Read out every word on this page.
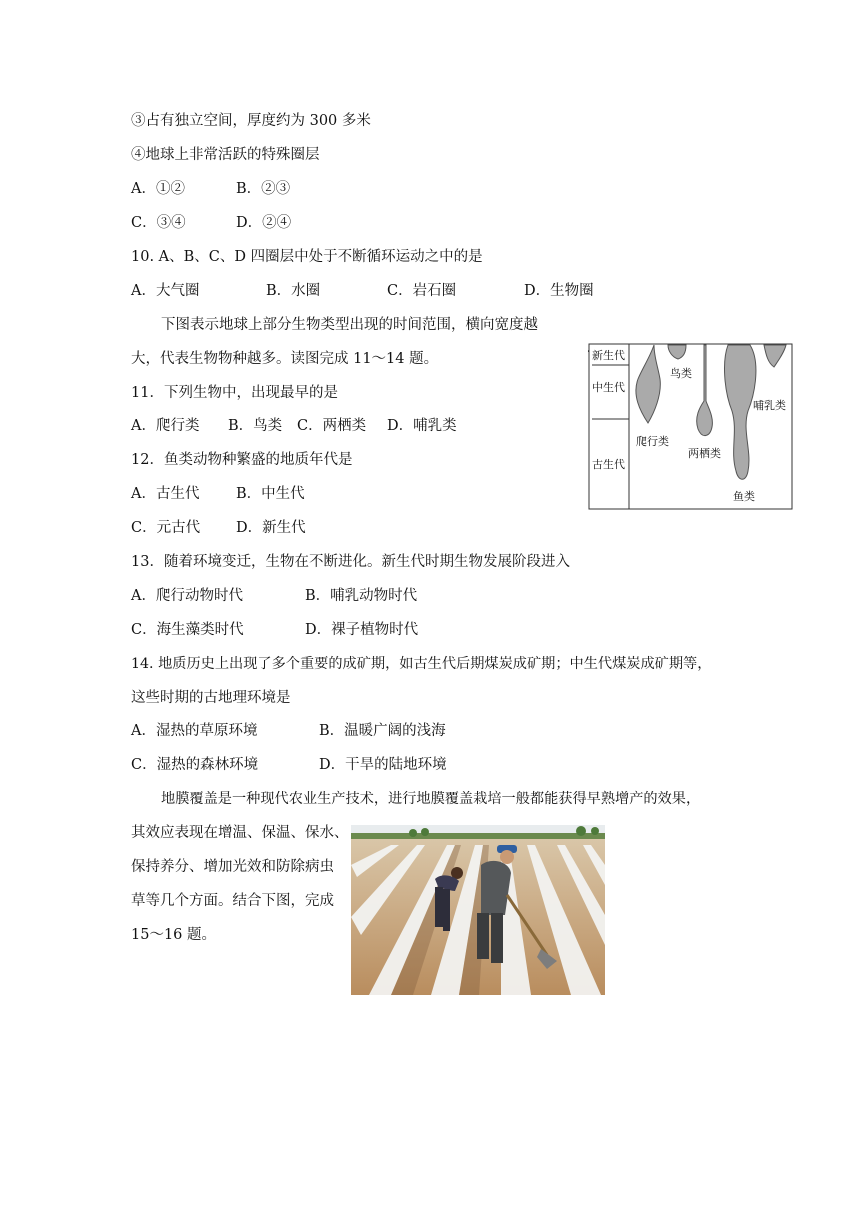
③占有独立空间，厚度约为 300 多米
④地球上非常活跃的特殊圈层
A．①②	B．②③
C．③④	D．②④
10. A、B、C、D 四圈层中处于不断循环运动之中的是
A．大气圈	B．水圈	C．岩石圈	D．生物圈
下图表示地球上部分生物类型出现的时间范围，横向宽度越
大，代表生物物种越多。读图完成 11～14 题。
11．下列生物中，出现最早的是
A．爬行类 B．鸟类 C．两栖类 D．哺乳类
12．鱼类动物种繁盛的地质年代是
A．古生代	B．中生代
C．元古代 D．新生代
13．随着环境变迁，生物在不断进化。新生代时期生物发展阶段进入
A．爬行动物时代	B．哺乳动物时代
C．海生藻类时代	D．裸子植物时代
14. 地质历史上出现了多个重要的成矿期，如古生代后期煤炭成矿期；中生代煤炭成矿期等，
这些时期的古地理环境是
A．湿热的草原环境	B．温暖广阔的浅海
C．湿热的森林环境	D．干旱的陆地环境
地膜覆盖是一种现代农业生产技术，进行地膜覆盖栽培一般都能获得早熟增产的效果，
其效应表现在增温、保温、保水、
保持养分、增加光效和防除病虫
草等几个方面。结合下图，完成
15～16 题。
新生代
中生代
古生代
鸟类
哺乳类
爬行类
两栖类
鱼类
